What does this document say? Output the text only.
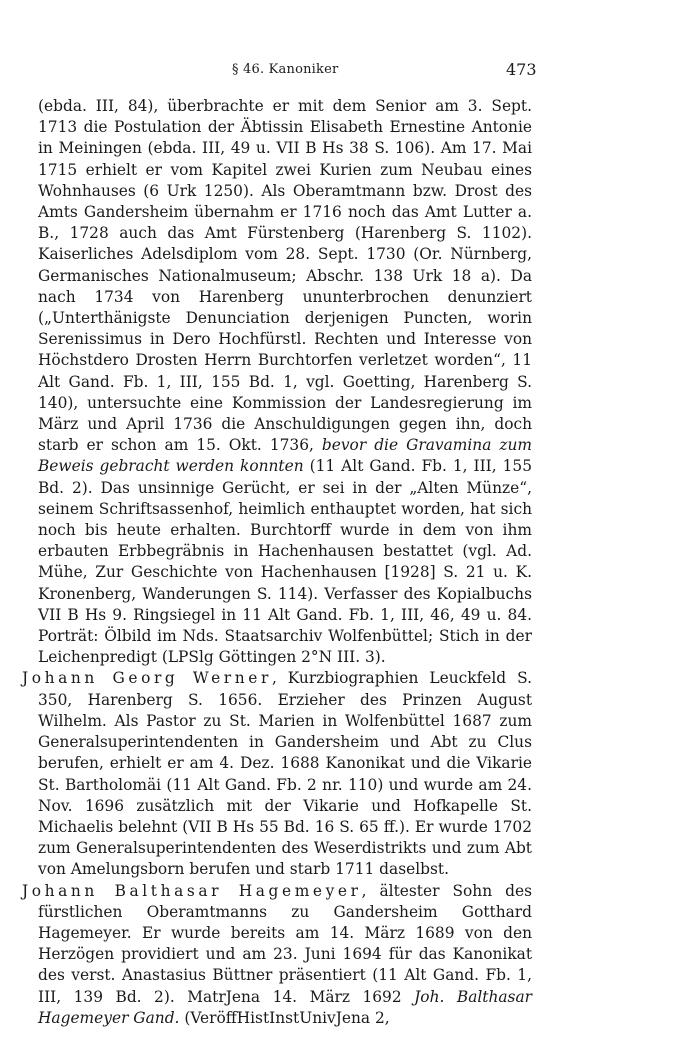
§ 46. Kanoniker	473

(ebda. III, 84), überbrachte er mit dem Senior am 3. Sept. 1713 die Postulation der Äbtissin Elisabeth Ernestine Antonie in Meiningen (ebda. III, 49 u. VII B Hs 38 S. 106). Am 17. Mai 1715 erhielt er vom Kapitel zwei Kurien zum Neubau eines Wohnhauses (6 Urk 1250). Als Oberamtmann bzw. Drost des Amts Gandersheim übernahm er 1716 noch das Amt Lutter a. B., 1728 auch das Amt Fürstenberg (Harenberg S. 1102). Kaiserliches Adelsdiplom vom 28. Sept. 1730 (Or. Nürnberg, Germanisches Nationalmuseum; Abschr. 138 Urk 18 a). Da nach 1734 von Harenberg ununterbrochen denunziert („Unterthänigste Denunciation derjenigen Puncten, worin Serenissimus in Dero Hochfürstl. Rechten und Interesse von Höchstdero Drosten Herrn Burchtorfen verletzet worden“, 11 Alt Gand. Fb. 1, III, 155 Bd. 1, vgl. Goetting, Harenberg S. 140), untersuchte eine Kommission der Landesregierung im März und April 1736 die Anschuldigungen gegen ihn, doch starb er schon am 15. Okt. 1736, bevor die Gravamina zum Beweis gebracht werden konnten (11 Alt Gand. Fb. 1, III, 155 Bd. 2). Das unsinnige Gerücht, er sei in der „Alten Münze“, seinem Schriftsassenhof, heimlich enthauptet worden, hat sich noch bis heute erhalten. Burchtorff wurde in dem von ihm erbauten Erbbegräbnis in Hachenhausen bestattet (vgl. Ad. Mühe, Zur Geschichte von Hachenhausen [1928] S. 21 u. K. Kronenberg, Wanderungen S. 114). Verfasser des Kopialbuchs VII B Hs 9. Ringsiegel in 11 Alt Gand. Fb. 1, III, 46, 49 u. 84. Porträt: Ölbild im Nds. Staatsarchiv Wolfenbüttel; Stich in der Leichenpredigt (LPSlg Göttingen 2°N III. 3).

Johann Georg Werner, Kurzbiographien Leuckfeld S. 350, Harenberg S. 1656. Erzieher des Prinzen August Wilhelm. Als Pastor zu St. Marien in Wolfenbüttel 1687 zum Generalsuperintendenten in Gandersheim und Abt zu Clus berufen, erhielt er am 4. Dez. 1688 Kanonikat und die Vikarie St. Bartholomäi (11 Alt Gand. Fb. 2 nr. 110) und wurde am 24. Nov. 1696 zusätzlich mit der Vikarie und Hofkapelle St. Michaelis belehnt (VII B Hs 55 Bd. 16 S. 65 ff.). Er wurde 1702 zum Generalsuperintendenten des Weserdistrikts und zum Abt von Amelungsborn berufen und starb 1711 daselbst.

Johann Balthasar Hagemeyer, ältester Sohn des fürstlichen Oberamtmanns zu Gandersheim Gotthard Hagemeyer. Er wurde bereits am 14. März 1689 von den Herzögen providiert und am 23. Juni 1694 für das Kanonikat des verst. Anastasius Büttner präsentiert (11 Alt Gand. Fb. 1, III, 139 Bd. 2). MatrJena 14. März 1692 Joh. Balthasar Hagemeyer Gand. (VeröffHistInstUnivJena 2,
